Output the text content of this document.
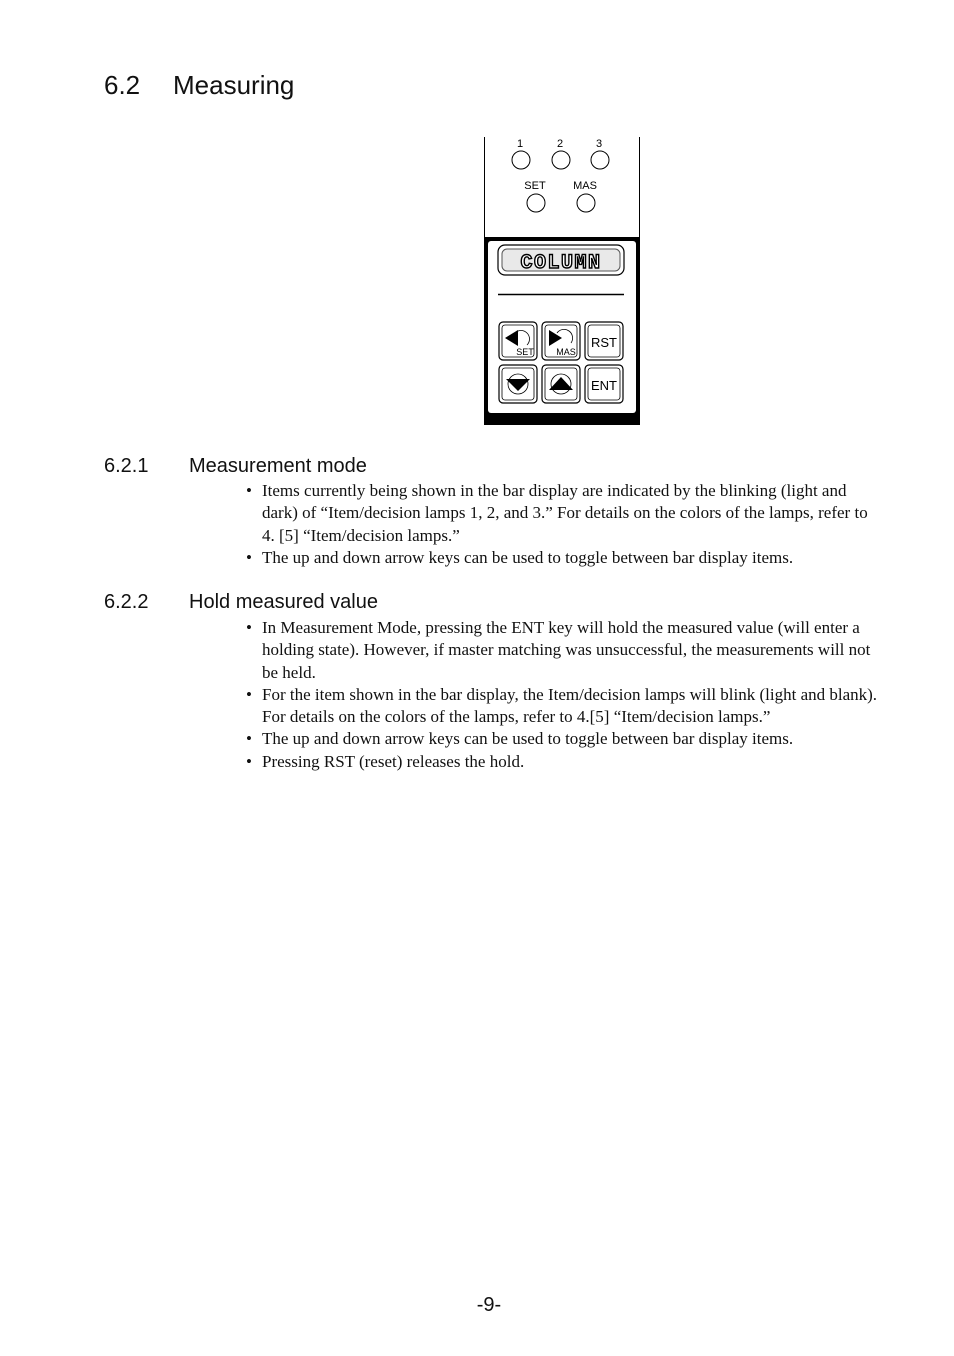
6.2 Measuring
1	2	3
SET MAS
COLUMN
SET MAS
RST
ENT
6.2.1 Measurement mode
• Items currently being shown in the bar display are indicated by the blinking (light and dark) of “Item/decision lamps 1, 2, and 3.” For details on the colors of the lamps, refer to 4. [5] “Item/decision lamps.”
• The up and down arrow keys can be used to toggle between bar display items.
6.2.2 Hold measured value
• In Measurement Mode, pressing the ENT key will hold the measured value (will enter a holding state). However, if master matching was unsuccessful, the measurements will not be held.
• For the item shown in the bar display, the Item/decision lamps will blink (light and blank). For details on the colors of the lamps, refer to 4.[5] “Item/decision lamps.”
• The up and down arrow keys can be used to toggle between bar display items.
• Pressing RST (reset) releases the hold.
-9-
